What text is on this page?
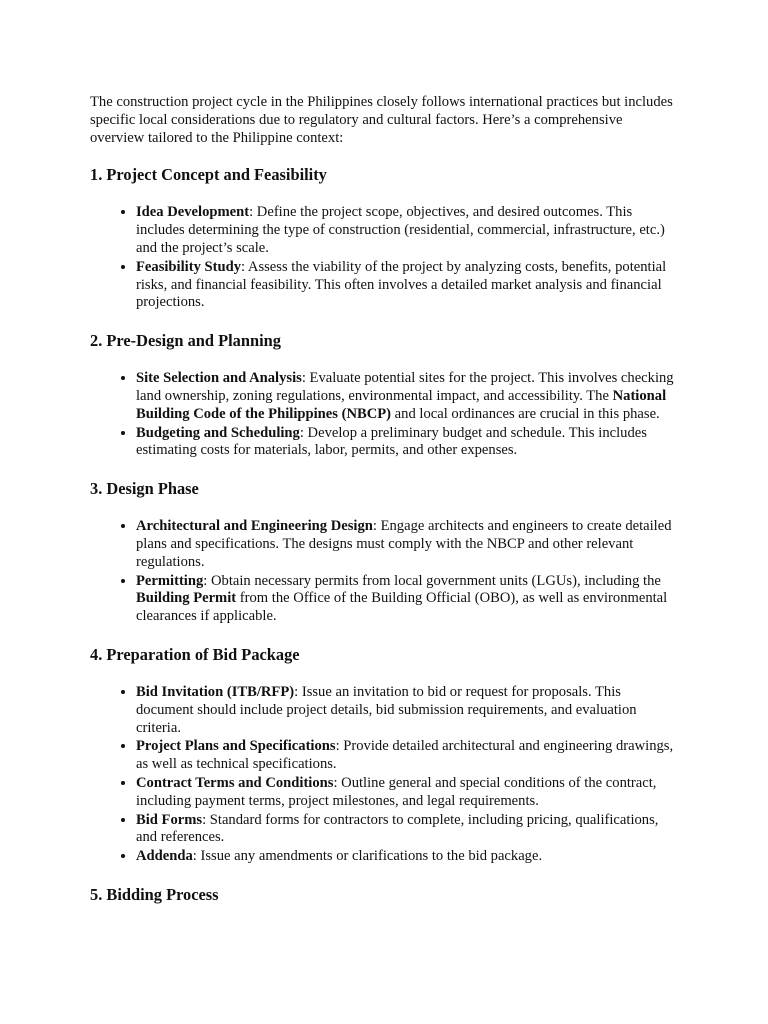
The construction project cycle in the Philippines closely follows international practices but includes specific local considerations due to regulatory and cultural factors. Here’s a comprehensive overview tailored to the Philippine context:

1. Project Concept and Feasibility
• Idea Development: Define the project scope, objectives, and desired outcomes. This includes determining the type of construction (residential, commercial, infrastructure, etc.) and the project’s scale.
• Feasibility Study: Assess the viability of the project by analyzing costs, benefits, potential risks, and financial feasibility. This often involves a detailed market analysis and financial projections.
2. Pre-Design and Planning
• Site Selection and Analysis: Evaluate potential sites for the project. This involves checking land ownership, zoning regulations, environmental impact, and accessibility. The National Building Code of the Philippines (NBCP) and local ordinances are crucial in this phase.
• Budgeting and Scheduling: Develop a preliminary budget and schedule. This includes estimating costs for materials, labor, permits, and other expenses.
3. Design Phase
• Architectural and Engineering Design: Engage architects and engineers to create detailed plans and specifications. The designs must comply with the NBCP and other relevant regulations.
• Permitting: Obtain necessary permits from local government units (LGUs), including the Building Permit from the Office of the Building Official (OBO), as well as environmental clearances if applicable.
4. Preparation of Bid Package
• Bid Invitation (ITB/RFP): Issue an invitation to bid or request for proposals. This document should include project details, bid submission requirements, and evaluation criteria.
• Project Plans and Specifications: Provide detailed architectural and engineering drawings, as well as technical specifications.
• Contract Terms and Conditions: Outline general and special conditions of the contract, including payment terms, project milestones, and legal requirements.
• Bid Forms: Standard forms for contractors to complete, including pricing, qualifications, and references.
• Addenda: Issue any amendments or clarifications to the bid package.
5. Bidding Process
